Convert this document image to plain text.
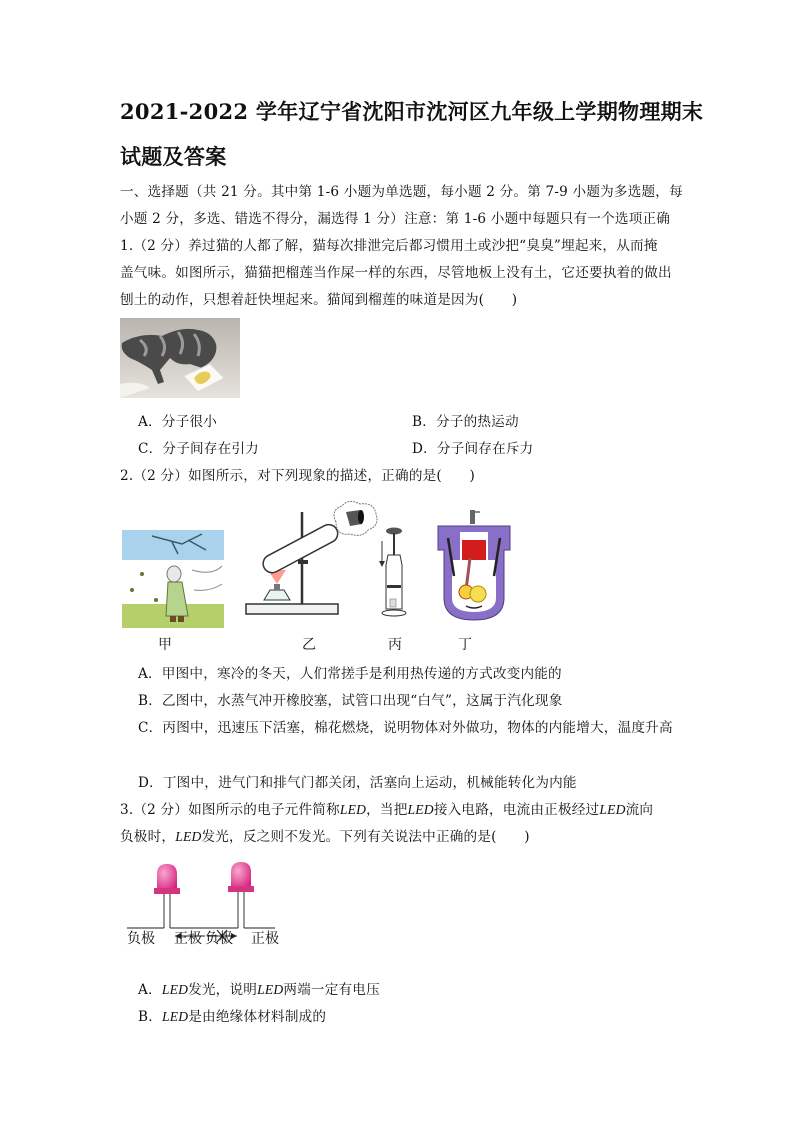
2021-2022 学年辽宁省沈阳市沈河区九年级上学期物理期末
试题及答案
一、选择题（共 21 分。其中第 1-6 小题为单选题，每小题 2 分。第 7-9 小题为多选题，每
小题 2 分，多选、错选不得分，漏选得 1 分）注意：第 1-6 小题中每题只有一个选项正确
1.（2 分）养过猫的人都了解，猫每次排泄完后都习惯用土或沙把“臭臭”埋起来，从而掩
盖气味。如图所示，猫猫把榴莲当作屎一样的东西，尽管地板上没有土，它还要执着的做出
刨土的动作，只想着赶快埋起来。猫闻到榴莲的味道是因为(　　)
A．分子很小	B．分子的热运动
C．分子间存在引力	D．分子间存在斥力
2.（2 分）如图所示，对下列现象的描述，正确的是(　　)
甲	乙	丙	丁
A．甲图中，寒冷的冬天，人们常搓手是利用热传递的方式改变内能的
B．乙图中，水蒸气冲开橡胶塞，试管口出现“白气”，这属于汽化现象
C．丙图中，迅速压下活塞，棉花燃烧，说明物体对外做功，物体的内能增大，温度升高
D．丁图中，进气门和排气门都关闭，活塞向上运动，机械能转化为内能
3.（2 分）如图所示的电子元件简称LED，当把LED接入电路，电流由正极经过LED流向
负极时，LED发光，反之则不发光。下列有关说法中正确的是(　　)
负极 正极 负极 正极
A．LED发光，说明LED两端一定有电压
B．LED是由绝缘体材料制成的
